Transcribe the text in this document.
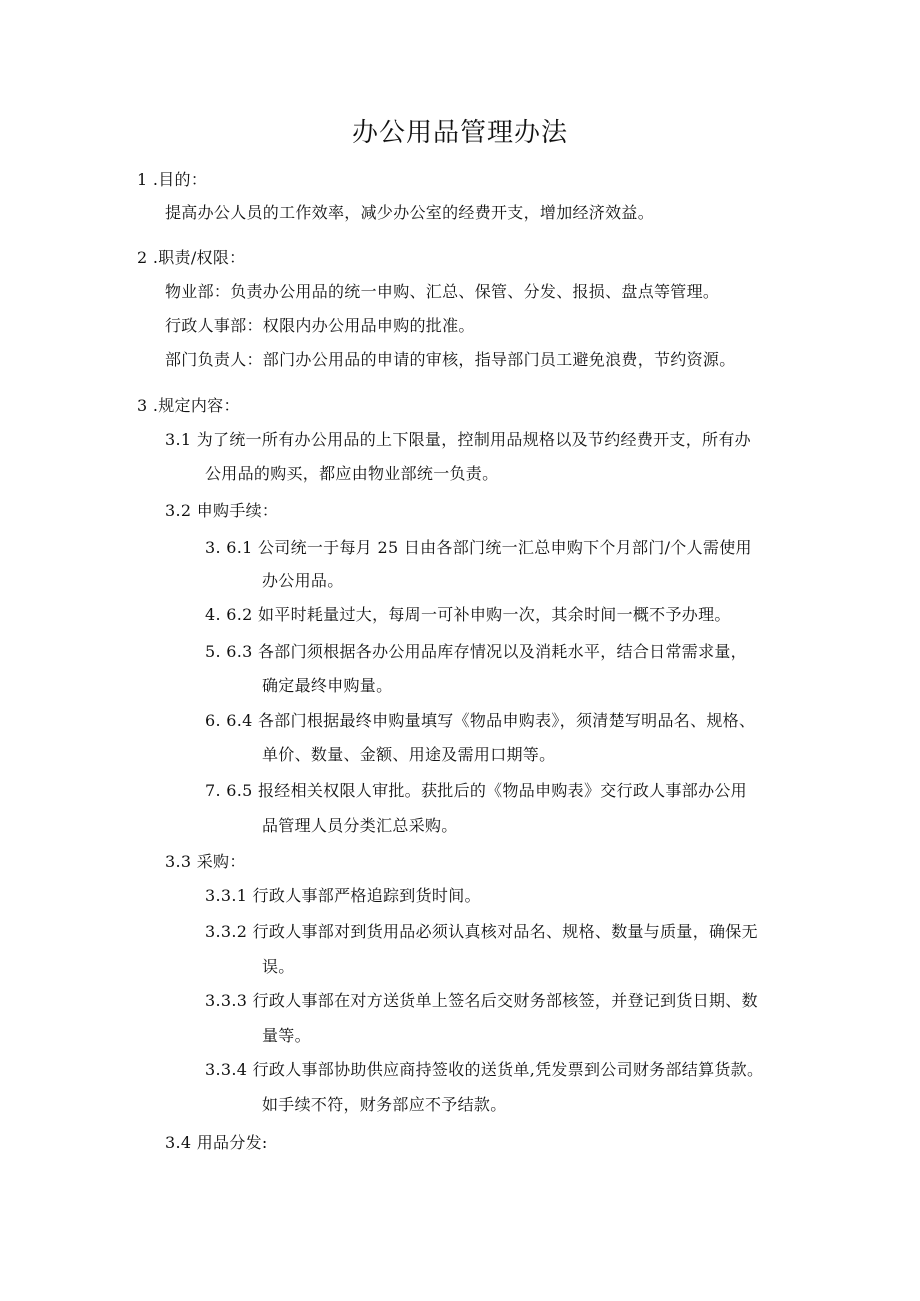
办公用品管理办法
1 .目的：
提高办公人员的工作效率，减少办公室的经费开支，增加经济效益。
2 .职责/权限：
物业部：负责办公用品的统一申购、汇总、保管、分发、报损、盘点等管理。
行政人事部：权限内办公用品申购的批准。
部门负责人：部门办公用品的申请的审核，指导部门员工避免浪费，节约资源。
3 .规定内容：
3.1 为了统一所有办公用品的上下限量，控制用品规格以及节约经费开支，所有办
公用品的购买，都应由物业部统一负责。
3.2 申购手续：
3. 6.1 公司统一于每月 25 日由各部门统一汇总申购下个月部门/个人需使用
办公用品。
4. 6.2 如平时耗量过大，每周一可补申购一次，其余时间一概不予办理。
5. 6.3 各部门须根据各办公用品库存情况以及消耗水平，结合日常需求量，
确定最终申购量。
6. 6.4 各部门根据最终申购量填写《物品申购表》，须清楚写明品名、规格、
单价、数量、金额、用途及需用口期等。
7. 6.5 报经相关权限人审批。获批后的《物品申购表》交行政人事部办公用
品管理人员分类汇总采购。
3.3 采购：
3.3.1 行政人事部严格追踪到货时间。
3.3.2 行政人事部对到货用品必须认真核对品名、规格、数量与质量，确保无
误。
3.3.3 行政人事部在对方送货单上签名后交财务部核签，并登记到货日期、数
量等。
3.3.4 行政人事部协助供应商持签收的送货单,凭发票到公司财务部结算货款。
如手续不符，财务部应不予结款。
3.4 用品分发:
